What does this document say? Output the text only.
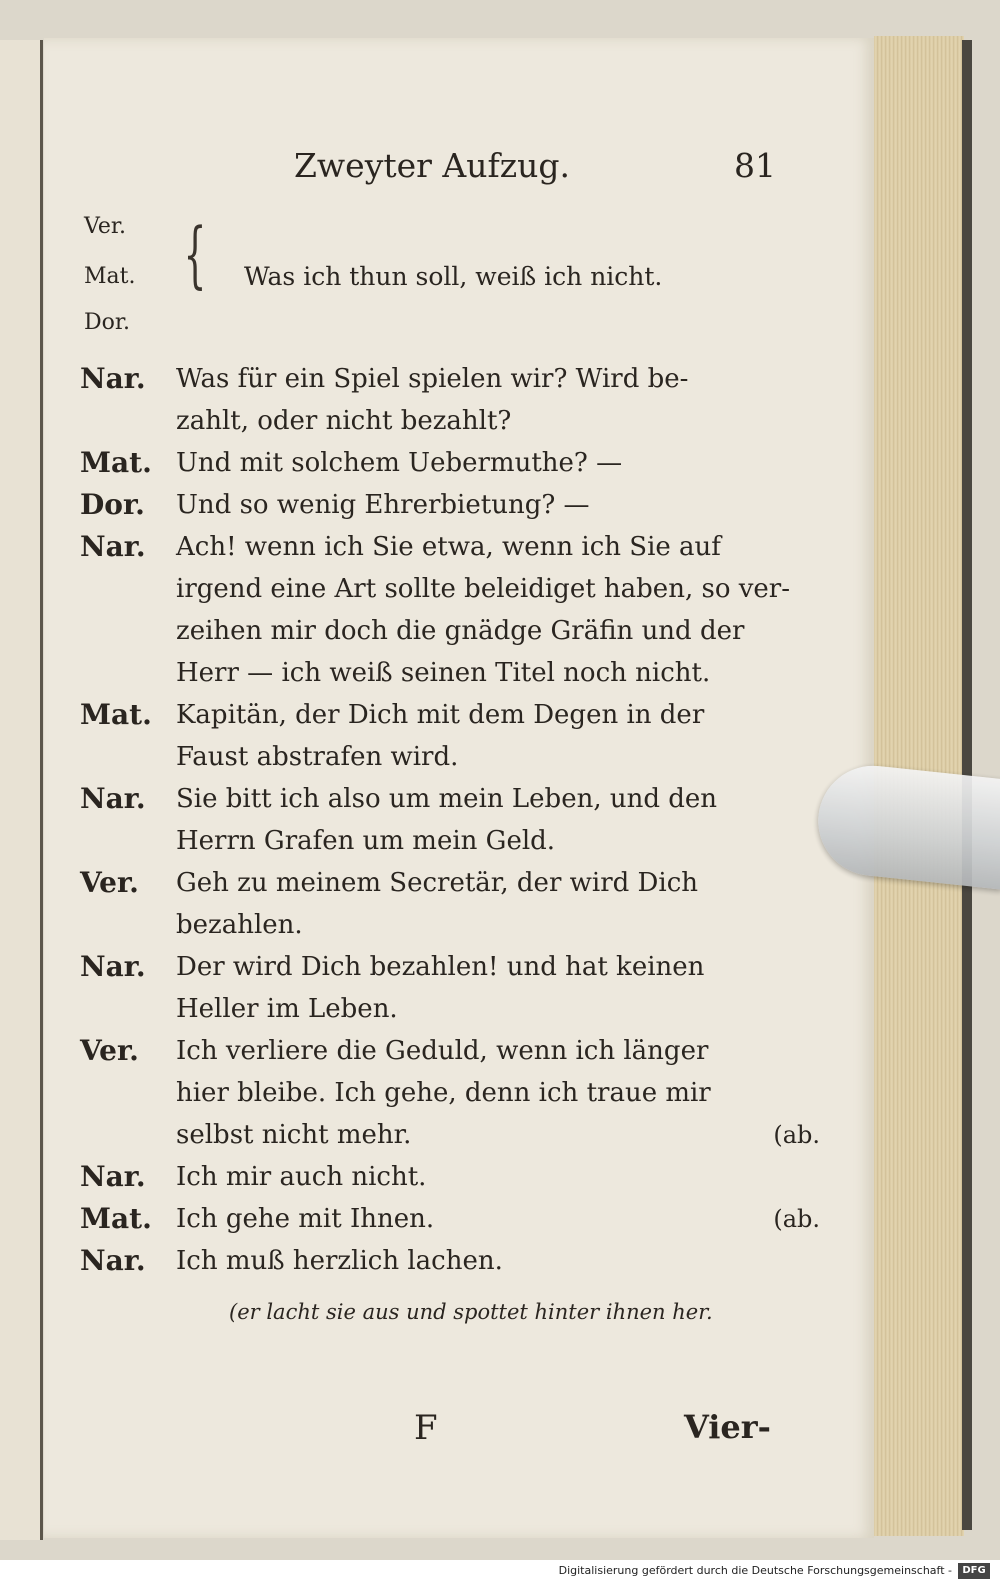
Zweyter Aufzug.	81
Ver.
Mat.
Dor.
{ Was ich thun soll, weiß ich nicht.
Nar.	Was für ein Spiel spielen wir? Wird be-
zahlt, oder nicht bezahlt?
Mat. Und mit solchem Uebermuthe? —
Dor.	Und so wenig Ehrerbietung? —
Nar.	Ach! wenn ich Sie etwa, wenn ich Sie auf
irgend eine Art sollte beleidiget haben, so ver-
zeihen mir doch die gnädge Gräfin und der
Herr — ich weiß seinen Titel noch nicht.
Mat. Kapitän, der Dich mit dem Degen in der
Faust abstrafen wird.
Nar.	Sie bitt ich also um mein Leben, und den
Herrn Grafen um mein Geld.
Ver.	Geh zu meinem Secretär, der wird Dich
bezahlen.
Nar.	Der wird Dich bezahlen! und hat keinen
Heller im Leben.
Ver.	Ich verliere die Geduld, wenn ich länger
hier bleibe. Ich gehe, denn ich traue mir
selbst nicht mehr.	(ab.
Nar.	Ich mir auch nicht.
Mat. Ich gehe mit Ihnen.	(ab.
Nar.	Ich muß herzlich lachen.
(er lacht sie aus und spottet hinter ihnen her.
F	Vier-
Digitalisierung gefördert durch die Deutsche Forschungsgemeinschaft -	DFG
